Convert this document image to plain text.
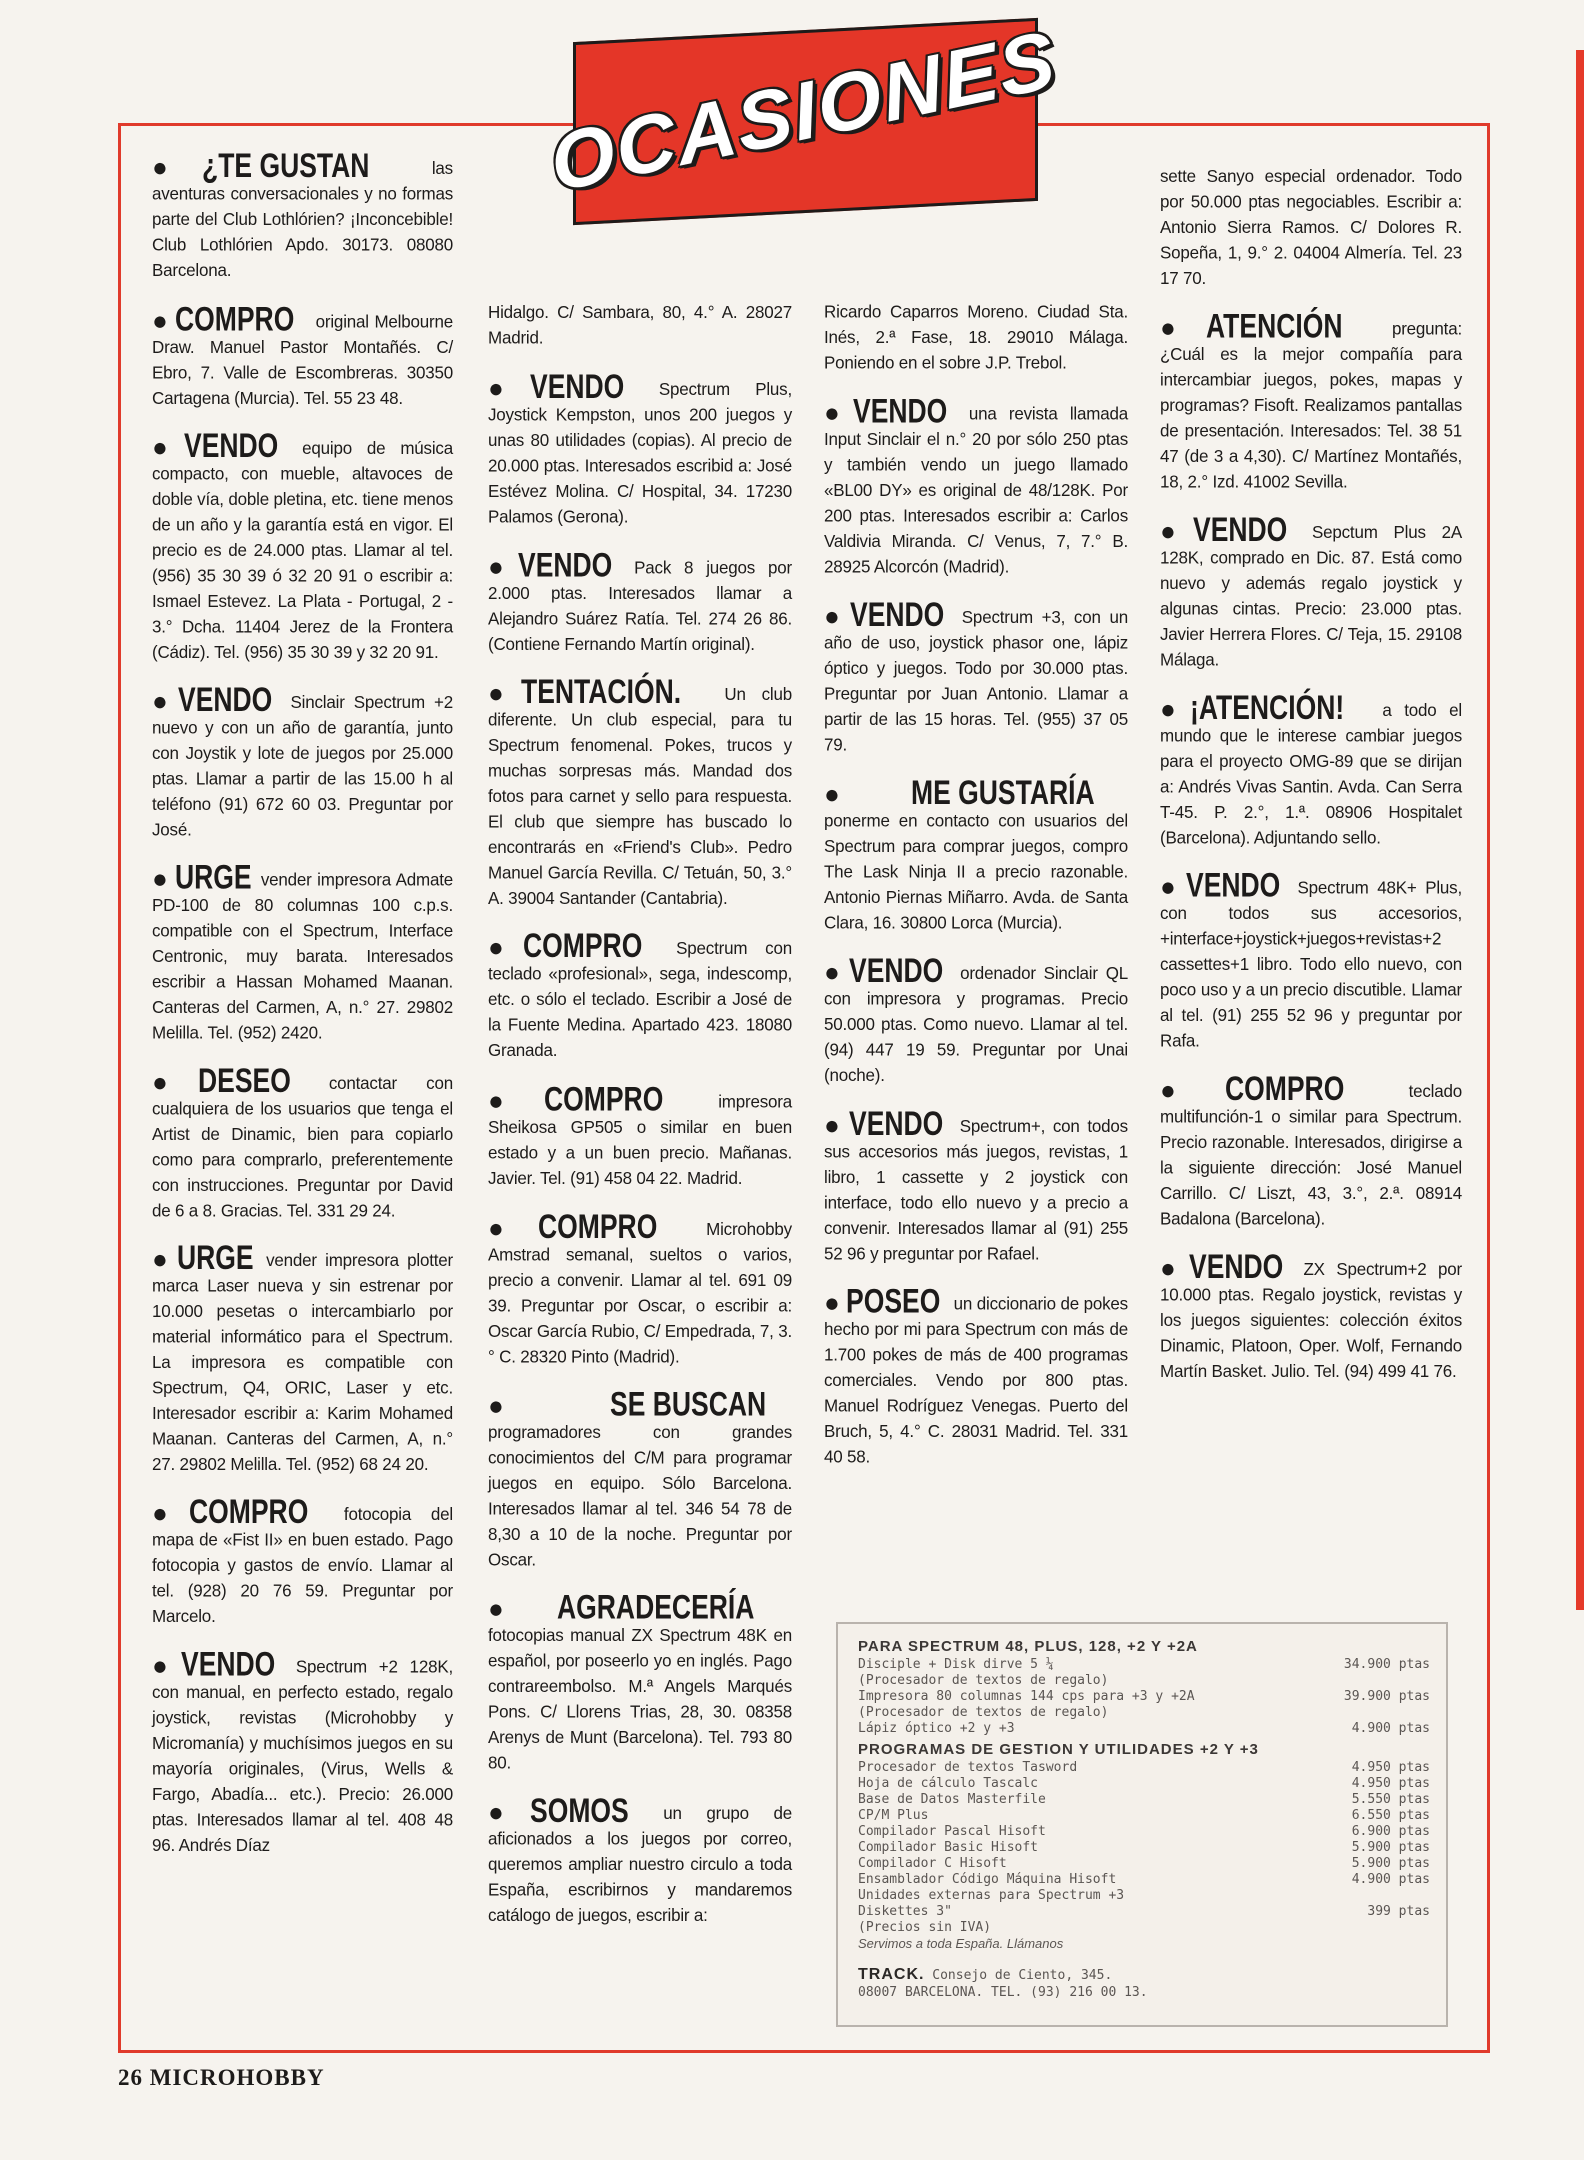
OCASIONES

● ¿TE GUSTAN	las aventuras conversacionales y no formas parte del Club Lothlórien? ¡Inconcebible! Club Lothlórien Apdo. 30173. 08080 Barcelona.

● COMPRO original Melbourne Draw. Manuel Pastor Montañés. C/ Ebro, 7. Valle de Escombreras. 30350 Cartagena (Murcia). Tel. 55 23 48.

● VENDO equipo de música compacto, con mueble, altavoces de doble vía, doble pletina, etc. tiene menos de un año y la garantía está en vigor. El precio es de 24.000 ptas. Llamar al tel. (956) 35 30 39 ó 32 20 91 o escribir a: Ismael Estevez. La Plata - Portugal, 2 - 3.° Dcha. 11404 Jerez de la Frontera (Cádiz). Tel. (956) 35 30 39 y 32 20 91.

● VENDO Sinclair Spectrum +2 nuevo y con un año de garantía, junto con Joystik y lote de juegos por 25.000 ptas. Llamar a partir de las 15.00 h al teléfono (91) 672 60 03. Preguntar por José.

● URGE vender impresora Admate PD-100 de 80 columnas 100 c.p.s. compatible con el Spectrum, Interface Centronic, muy barata. Interesados escribir a Hassan Mohamed Maanan. Canteras del Carmen, A, n.° 27. 29802 Melilla. Tel. (952) 2420.

● DESEO contactar con cualquiera de los usuarios que tenga el Artist de Dinamic, bien para copiarlo como para comprarlo, preferentemente con instrucciones. Preguntar por David de 6 a 8. Gracias. Tel. 331 29 24.

● URGE vender impresora plotter marca Laser nueva y sin estrenar por 10.000 pesetas o intercambiarlo por material informático para el Spectrum. La impresora es compatible con Spectrum, Q4, ORIC, Laser y etc. Interesador escribir a: Karim Mohamed Maanan. Canteras del Carmen, A, n.° 27. 29802 Melilla. Tel. (952) 68 24 20.

● COMPRO fotocopia del mapa de «Fist II» en buen estado. Pago fotocopia y gastos de envío. Llamar al tel. (928) 20 76 59. Preguntar por Marcelo.

● VENDO Spectrum +2 128K, con manual, en perfecto estado, regalo joystick, revistas (Microhobby y Micromanía) y muchísimos juegos en su mayoría originales, (Virus, Wells & Fargo, Abadía... etc.). Precio: 26.000 ptas. Interesados llamar al tel. 408 48 96. Andrés Díaz

Hidalgo. C/ Sambara, 80, 4.° A. 28027 Madrid.

● VENDO Spectrum Plus, Joystick Kempston, unos 200 juegos y unas 80 utilidades (copias). Al precio de 20.000 ptas. Interesados escribid a: José Estévez Molina. C/ Hospital, 34. 17230 Palamos (Gerona).

● VENDO Pack 8 juegos por 2.000 ptas. Interesados llamar a Alejandro Suárez Ratía. Tel. 274 26 86. (Contiene Fernando Martín original).

● TENTACIÓN.	Un club diferente. Un club especial, para tu Spectrum fenomenal. Pokes, trucos y muchas sorpresas más. Mandad dos fotos para carnet y sello para respuesta. El club que siempre has buscado lo encontrarás en «Friend's Club». Pedro Manuel García Revilla. C/ Tetuán, 50, 3.° A. 39004 Santander (Cantabria).

● COMPRO Spectrum con teclado «profesional», sega, indescomp, etc. o sólo el teclado. Escribir a José de la Fuente Medina. Apartado 423. 18080 Granada.

● COMPRO	impresora Sheikosa GP505 o similar en buen estado y a un buen precio. Mañanas. Javier. Tel. (91) 458 04 22. Madrid.

● COMPRO	Microhobby Amstrad semanal, sueltos o varios, precio a convenir. Llamar al tel. 691 09 39. Preguntar por Oscar, o escribir a: Oscar García Rubio, C/ Empedrada, 7, 3.° C. 28320 Pinto (Madrid).

● SE BUSCAN programadores con grandes conocimientos del C/M para programar juegos en equipo. Sólo Barcelona. Interesados llamar al tel. 346 54 78 de 8,30 a 10 de la noche. Preguntar por Oscar.

● AGRADECERÍA fotocopias manual ZX Spectrum 48K en español, por poseerlo yo en inglés. Pago contrareembolso. M.ª Angels Marqués Pons. C/ Llorens Trias, 28, 30. 08358 Arenys de Munt (Barcelona). Tel. 793 80 80.

● SOMOS un grupo de aficionados a los juegos por correo, queremos ampliar nuestro circulo a toda España, escribirnos y mandaremos catálogo de juegos, escribir a:

Ricardo Caparros Moreno. Ciudad Sta. Inés, 2.ª Fase, 18. 29010 Málaga. Poniendo en el sobre J.P. Trebol.

● VENDO una revista llamada Input Sinclair el n.° 20 por sólo 250 ptas y también vendo un juego llamado «BL00 DY» es original de 48/128K. Por 200 ptas. Interesados escribir a: Carlos Valdivia Miranda. C/ Venus, 7, 7.° B. 28925 Alcorcón (Madrid).

● VENDO Spectrum +3, con un año de uso, joystick phasor one, lápiz óptico y juegos. Todo por 30.000 ptas. Preguntar por Juan Antonio. Llamar a partir de las 15 horas. Tel. (955) 37 05 79.

● ME GUSTARÍA ponerme en contacto con usuarios del Spectrum para comprar juegos, compro The Lask Ninja II a precio razonable. Antonio Piernas Miñarro. Avda. de Santa Clara, 16. 30800 Lorca (Murcia).

● VENDO ordenador Sinclair QL con impresora y programas. Precio 50.000 ptas. Como nuevo. Llamar al tel. (94) 447 19 59. Preguntar por Unai (noche).

● VENDO Spectrum+, con todos sus accesorios más juegos, revistas, 1 libro, 1 cassette y 2 joystick con interface, todo ello nuevo y a precio a convenir. Interesados llamar al (91) 255 52 96 y preguntar por Rafael.

● POSEO un diccionario de pokes hecho por mi para Spectrum con más de 1.700 pokes de más de 400 programas comerciales. Vendo por 800 ptas. Manuel Rodríguez Venegas. Puerto del Bruch, 5, 4.° C. 28031 Madrid. Tel. 331 40 58.

sette Sanyo especial ordenador. Todo por 50.000 ptas negociables. Escribir a: Antonio Sierra Ramos. C/ Dolores R. Sopeña, 1, 9.° 2. 04004 Almería. Tel. 23 17 70.

● ATENCIÓN	pregunta: ¿Cuál es la mejor compañía para intercambiar juegos, pokes, mapas y programas? Fisoft. Realizamos pantallas de presentación. Interesados: Tel. 38 51 47 (de 3 a 4,30). C/ Martínez Montañés, 18, 2.° Izd. 41002 Sevilla.

● VENDO Sepctum Plus 2A 128K, comprado en Dic. 87. Está como nuevo y además regalo joystick y algunas cintas. Precio: 23.000 ptas. Javier Herrera Flores. C/ Teja, 15. 29108 Málaga.

● ¡ATENCIÓN! a todo el mundo que le interese cambiar juegos para el proyecto OMG-89 que se dirijan a: Andrés Vivas Santin. Avda. Can Serra T-45. P. 2.°, 1.ª. 08906 Hospitalet (Barcelona). Adjuntando sello.

● VENDO Spectrum 48K+ Plus, con todos sus accesorios, +interface+joystick+juegos+revistas+2 cassettes+1 libro. Todo ello nuevo, con poco uso y a un precio discutible. Llamar al tel. (91) 255 52 96 y preguntar por Rafa.

● COMPRO	teclado multifunción-1 o similar para Spectrum. Precio razonable. Interesados, dirigirse a la siguiente dirección: José Manuel Carrillo. C/ Liszt, 43, 3.°, 2.ª. 08914 Badalona (Barcelona).

● VENDO ZX Spectrum+2 por 10.000 ptas. Regalo joystick, revistas y los juegos siguientes: colección éxitos Dinamic, Platoon, Oper. Wolf, Fernando Martín Basket. Julio. Tel. (94) 499 41 76.

PARA SPECTRUM 48, PLUS, 128, +2 Y +2A
Disciple + Disk dirve 5 ¼	34.900 ptas
(Procesador de textos de regalo)
Impresora 80 columnas 144 cps para +3 y +2A	39.900 ptas
(Procesador de textos de regalo)
Lápiz óptico +2 y +3	4.900 ptas
PROGRAMAS DE GESTION Y UTILIDADES +2 Y +3
Procesador de textos Tasword	4.950 ptas
Hoja de cálculo Tascalc	4.950 ptas
Base de Datos Masterfile	5.550 ptas
CP/M Plus	6.550 ptas
Compilador Pascal Hisoft	6.900 ptas
Compilador Basic Hisoft	5.900 ptas
Compilador C Hisoft	5.900 ptas
Ensamblador Código Máquina Hisoft	4.900 ptas
Unidades externas para Spectrum +3
Diskettes 3"	399 ptas
(Precios sin IVA)
Servimos a toda España. Llámanos
TRACK. Consejo de Ciento, 345.
08007 BARCELONA. TEL. (93) 216 00 13.
26 MICROHOBBY
